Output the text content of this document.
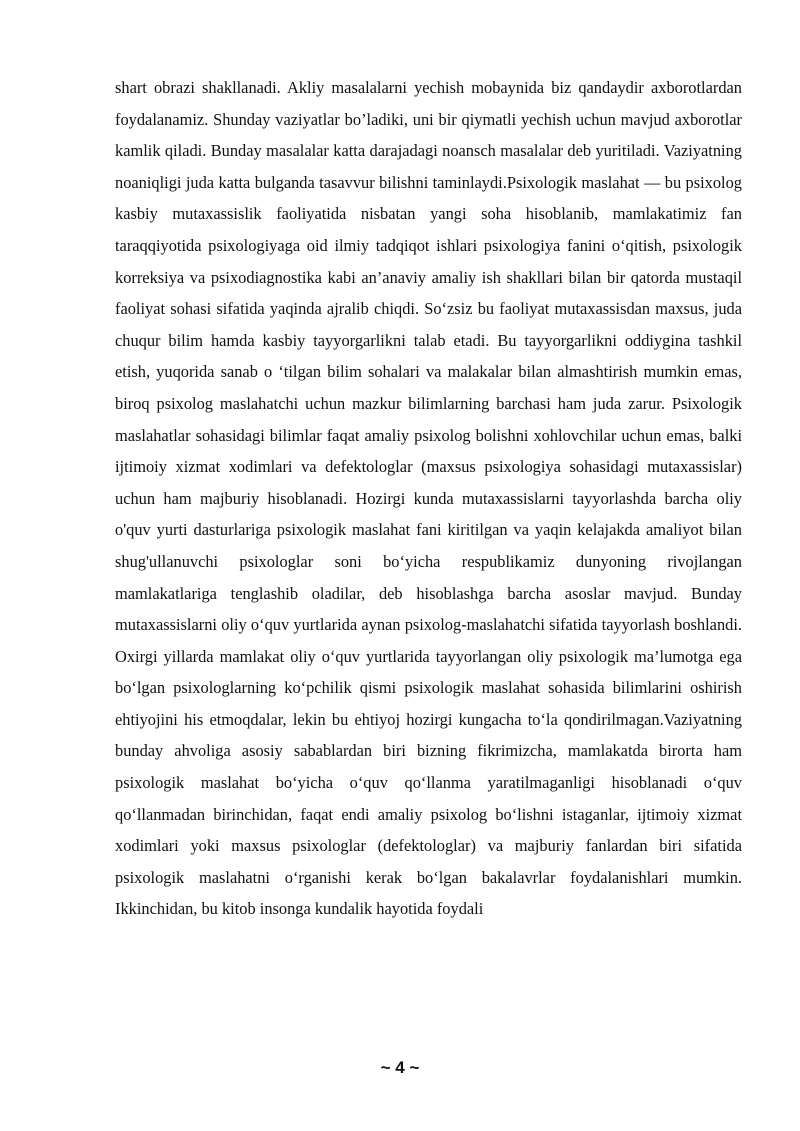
shart obrazi shakllanadi. Akliy masalalarni yechish mobaynida biz qandaydir axborotlardan foydalanamiz. Shunday vaziyatlar bo’ladiki, uni bir qiymatli yechish uchun mavjud axborotlar kamlik qiladi. Bunday masalalar katta darajadagi noansch masalalar deb yuritiladi. Vaziyatning noaniqligi juda katta bulganda tasavvur bilishni taminlaydi.Psixologik maslahat — bu psixolog kasbiy mutaxassislik faoliyatida nisbatan yangi soha hisoblanib, mamlakatimiz fan taraqqiyotida psixologiyaga oid ilmiy tadqiqot ishlari psixologiya fanini o‘qitish, psixologik korreksiya va psixodiagnostika kabi an’anaviy amaliy ish shakllari bilan bir qatorda mustaqil faoliyat sohasi sifatida yaqinda ajralib chiqdi. So‘zsiz bu faoliyat mutaxassisdan maxsus, juda chuqur bilim hamda kasbiy tayyorgarlikni talab etadi. Bu tayyorgarlikni oddiygina tashkil etish, yuqorida sanab o ‘tilgan bilim sohalari va malakalar bilan almashtirish mumkin emas, biroq psixolog maslahatchi uchun mazkur bilimlarning barchasi ham juda zarur. Psixologik maslahatlar sohasidagi bilimlar faqat amaliy psixolog bolishni xohlovchilar uchun emas, balki ijtimoiy xizmat xodimlari va defektologlar (maxsus psixologiya sohasidagi mutaxassislar) uchun ham majburiy hisoblanadi. Hozirgi kunda mutaxassislarni tayyorlashda barcha oliy o'quv yurti dasturlariga psixologik maslahat fani kiritilgan va yaqin kelajakda amaliyot bilan shug'ullanuvchi psixologlar soni bo‘yicha respublikamiz dunyoning rivojlangan mamlakatlariga tenglashib oladilar, deb hisoblashga barcha asoslar mavjud. Bunday mutaxassislarni oliy o‘quv yurtlarida aynan psixolog-maslahatchi sifatida tayyorlash boshlandi. Oxirgi yillarda mamlakat oliy o‘quv yurtlarida tayyorlangan oliy psixologik ma’lumotga ega bo‘lgan psixologlarning ko‘pchilik qismi psixologik maslahat sohasida bilimlarini oshirish ehtiyojini his etmoqdalar, lekin bu ehtiyoj hozirgi kungacha to‘la qondirilmagan.Vaziyatning bunday ahvoliga asosiy sabablardan biri bizning fikrimizcha, mamlakatda birorta ham psixologik maslahat bo‘yicha o‘quv qo‘llanma yaratilmaganligi hisoblanadi o‘quv qo‘llanmadan birinchidan, faqat endi amaliy psixolog bo‘lishni istaganlar, ijtimoiy xizmat xodimlari yoki maxsus psixologlar (defektologlar) va majburiy fanlardan biri sifatida psixologik maslahatni o‘rganishi kerak bo‘lgan bakalavrlar foydalanishlari mumkin. Ikkinchidan, bu kitob insonga kundalik hayotida foydali

~ 4 ~
